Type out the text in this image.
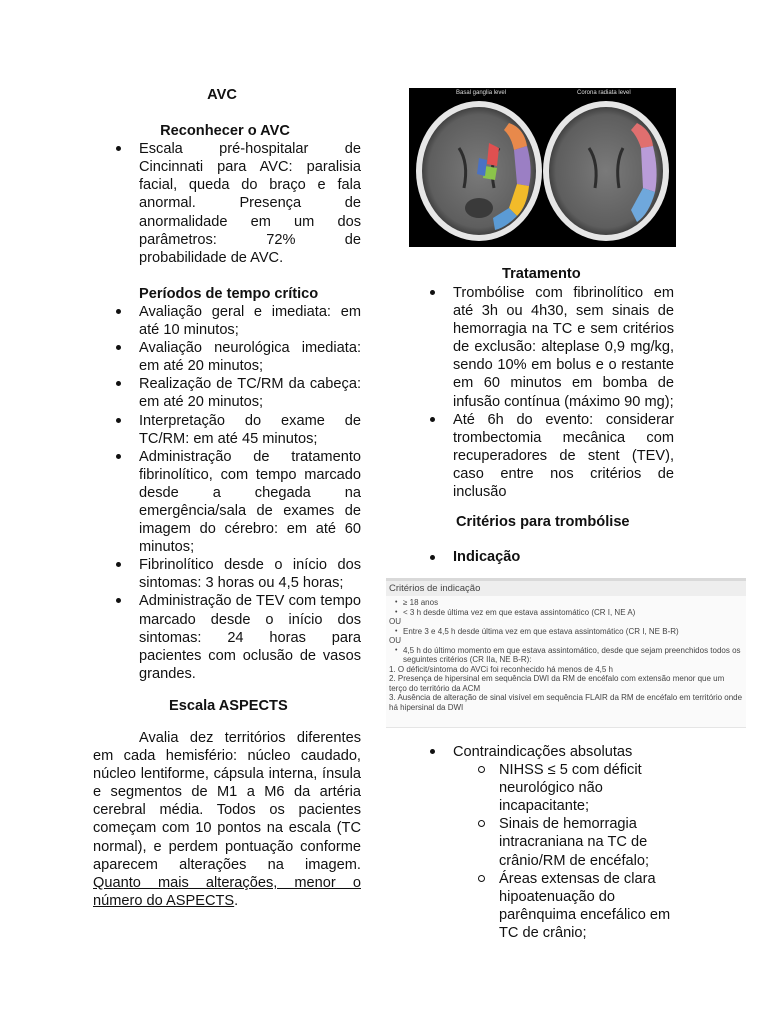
AVC
Reconhecer o AVC
Escala pré-hospitalar de Cincinnati para AVC: paralisia facial, queda do braço e fala anormal. Presença de anormalidade em um dos parâmetros: 72% de probabilidade de AVC.
Períodos de tempo crítico
Avaliação geral e imediata: em até 10 minutos;
Avaliação neurológica imediata: em até 20 minutos;
Realização de TC/RM da cabeça: em até 20 minutos;
Interpretação do exame de TC/RM: em até 45 minutos;
Administração de tratamento fibrinolítico, com tempo marcado desde a chegada na emergência/sala de exames de imagem do cérebro: em até 60 minutos;
Fibrinolítico desde o início dos sintomas: 3 horas ou 4,5 horas;
Administração de TEV com tempo marcado desde o início dos sintomas: 24 horas para pacientes com oclusão de vasos grandes.
Escala ASPECTS
Avalia dez territórios diferentes em cada hemisfério: núcleo caudado, núcleo lentiforme, cápsula interna, ínsula e segmentos de M1 a M6 da artéria cerebral média. Todos os pacientes começam com 10 pontos na escala (TC normal), e perdem pontuação conforme aparecem alterações na imagem. Quanto mais alterações, menor o número do ASPECTS.
Basal ganglia level	Corona radiata level
Tratamento
Trombólise com fibrinolítico em até 3h ou 4h30, sem sinais de hemorragia na TC e sem critérios de exclusão: alteplase 0,9 mg/kg, sendo 10% em bolus e o restante em 60 minutos em bomba de infusão contínua (máximo 90 mg);
Até 6h do evento: considerar trombectomia mecânica com recuperadores de stent (TEV), caso entre nos critérios de inclusão
Critérios para trombólise
Indicação
Critérios de indicação
• ≥ 18 anos
• < 3 h desde última vez em que estava assintomático (CR I, NE A)
OU
• Entre 3 e 4,5 h desde última vez em que estava assintomático (CR I, NE B-R)
OU
• 4,5 h do último momento em que estava assintomático, desde que sejam preenchidos todos os seguintes critérios (CR IIa, NE B-R):
1. O déficit/sintoma do AVCi foi reconhecido há menos de 4,5 h
2. Presença de hipersinal em sequência DWI da RM de encéfalo com extensão menor que um terço do território da ACM
3. Ausência de alteração de sinal visível em sequência FLAIR da RM de encéfalo em território onde há hipersinal da DWI
Contraindicações absolutas
NIHSS ≤ 5 com déficit neurológico não incapacitante;
Sinais de hemorragia intracraniana na TC de crânio/RM de encéfalo;
Áreas extensas de clara hipoatenuação do parênquima encefálico em TC de crânio;
